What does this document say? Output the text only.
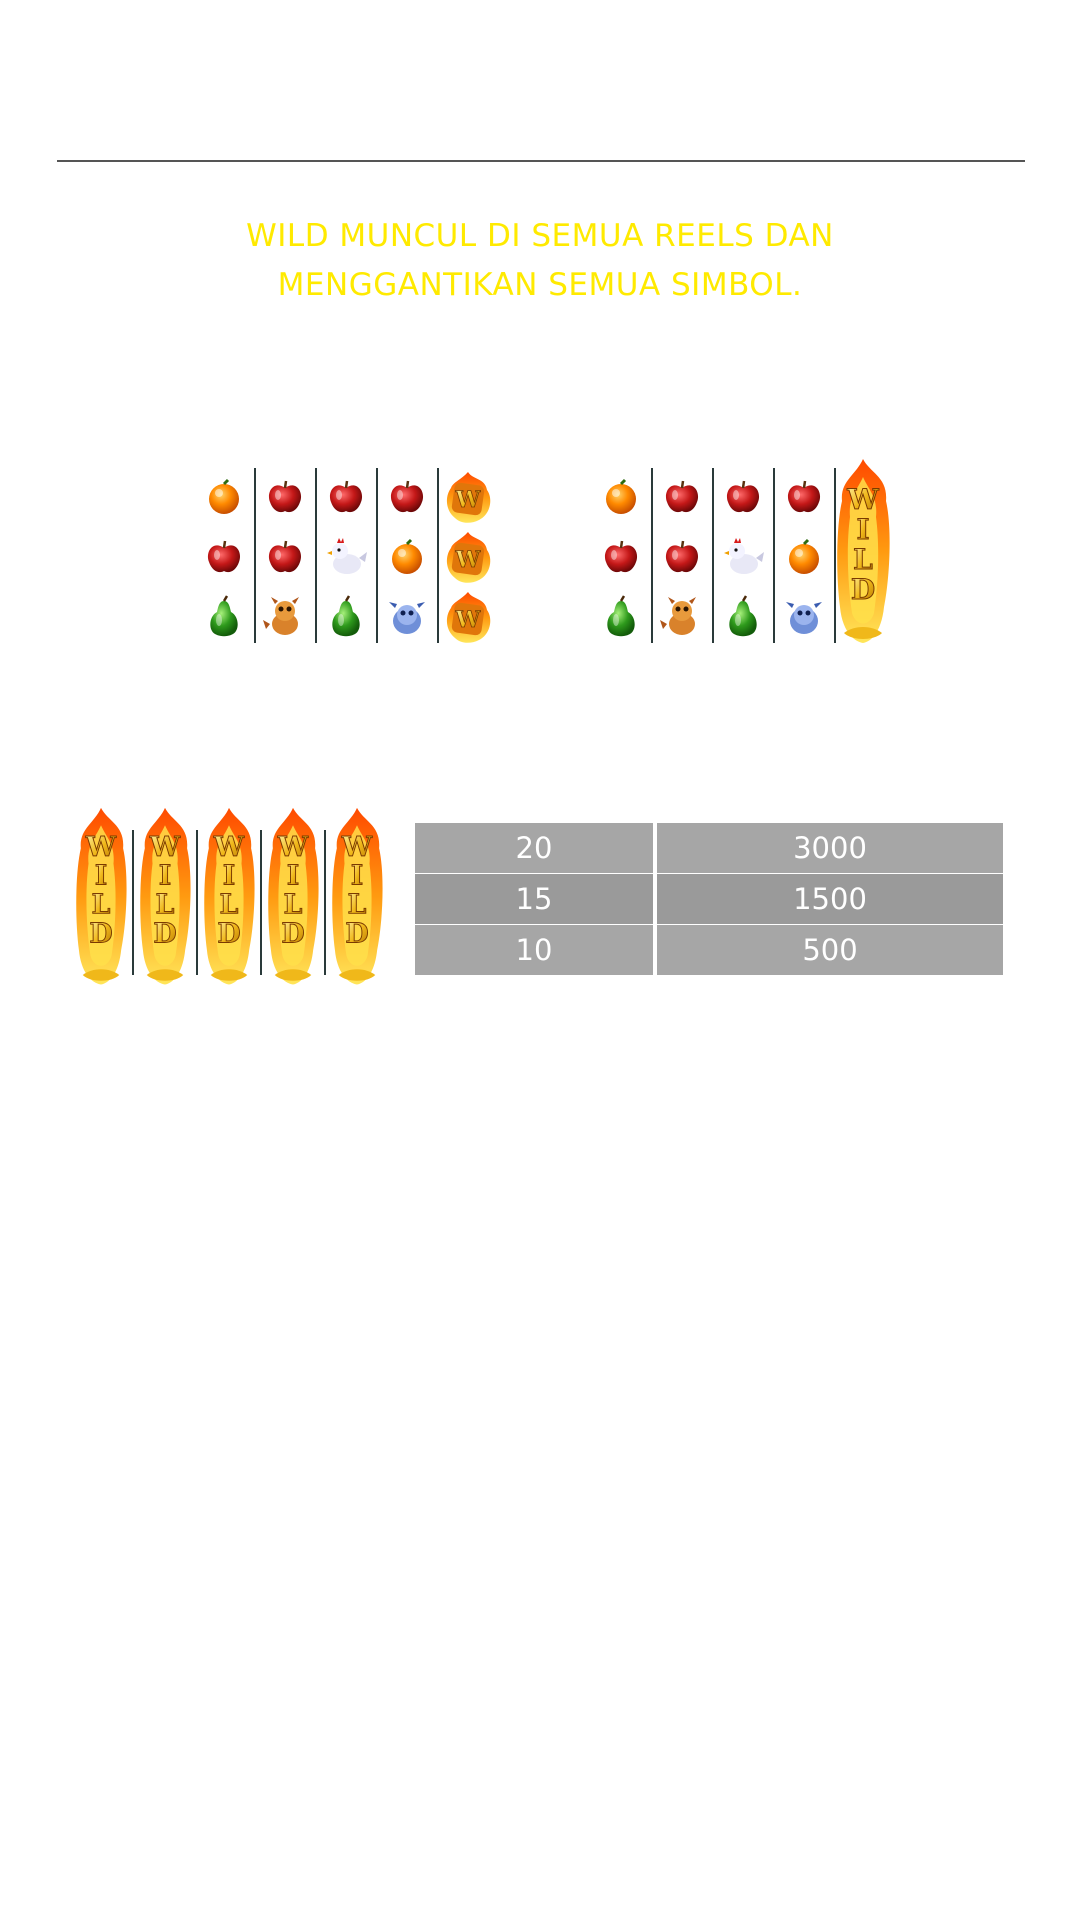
WILD MUNCUL DI SEMUA REELS DAN
MENGGANTIKAN SEMUA SIMBOL.
W
W
W
W
I
L
D
W
I
L
D
W
I
L
D
W
I
L
D
W
I
L
D
W
I
L
D
20	3000
15	1500
10	500
